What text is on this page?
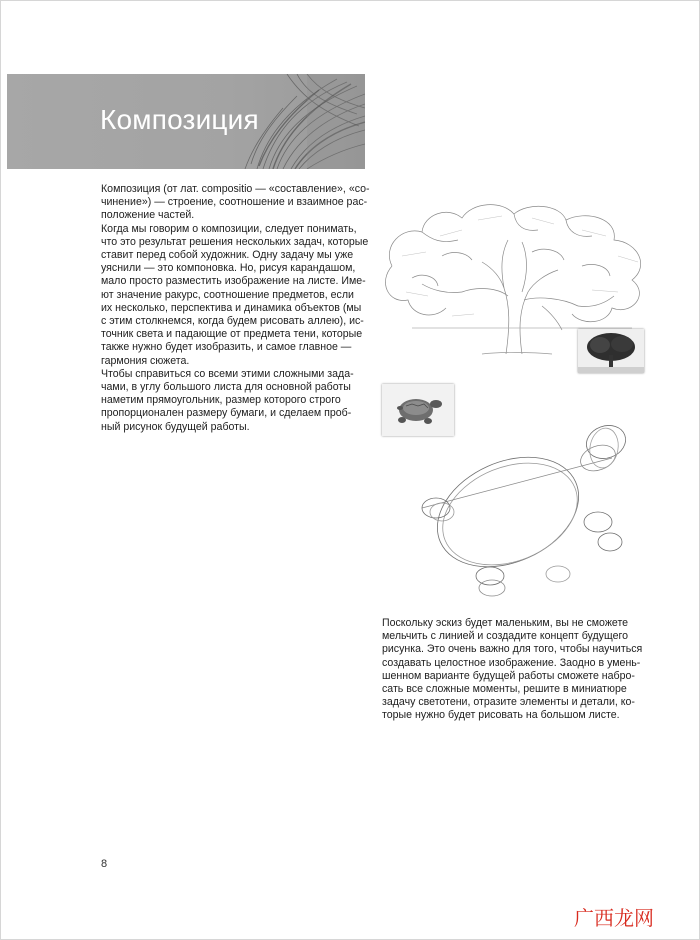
Композиция
Композиция (от лат. compositio — «составление», «со-
чинение») — строение, соотношение и взаимное рас-
положение частей.
Когда мы говорим о композиции, следует понимать,
что это результат решения нескольких задач, которые
ставит перед собой художник. Одну задачу мы уже
уяснили — это компоновка. Но, рисуя карандашом,
мало просто разместить изображение на листе. Име-
ют значение ракурс, соотношение предметов, если
их несколько, перспектива и динамика объектов (мы
с этим столкнемся, когда будем рисовать аллею), ис-
точник света и падающие от предмета тени, которые
также нужно будет изобразить, и самое главное —
гармония сюжета.
Чтобы справиться со всеми этими сложными зада-
чами, в углу большого листа для основной работы
наметим прямоугольник, размер которого строго
пропорционален размеру бумаги, и сделаем проб-
ный рисунок будущей работы.
Поскольку эскиз будет маленьким, вы не сможете
мельчить с линией и создадите концепт будущего
рисунка. Это очень важно для того, чтобы научиться
создавать целостное изображение. Заодно в умень-
шенном варианте будущей работы сможете набро-
сать все сложные моменты, решите в миниатюре
задачу светотени, отразите элементы и детали, ко-
торые нужно будет рисовать на большом листе.
8
广西龙网
